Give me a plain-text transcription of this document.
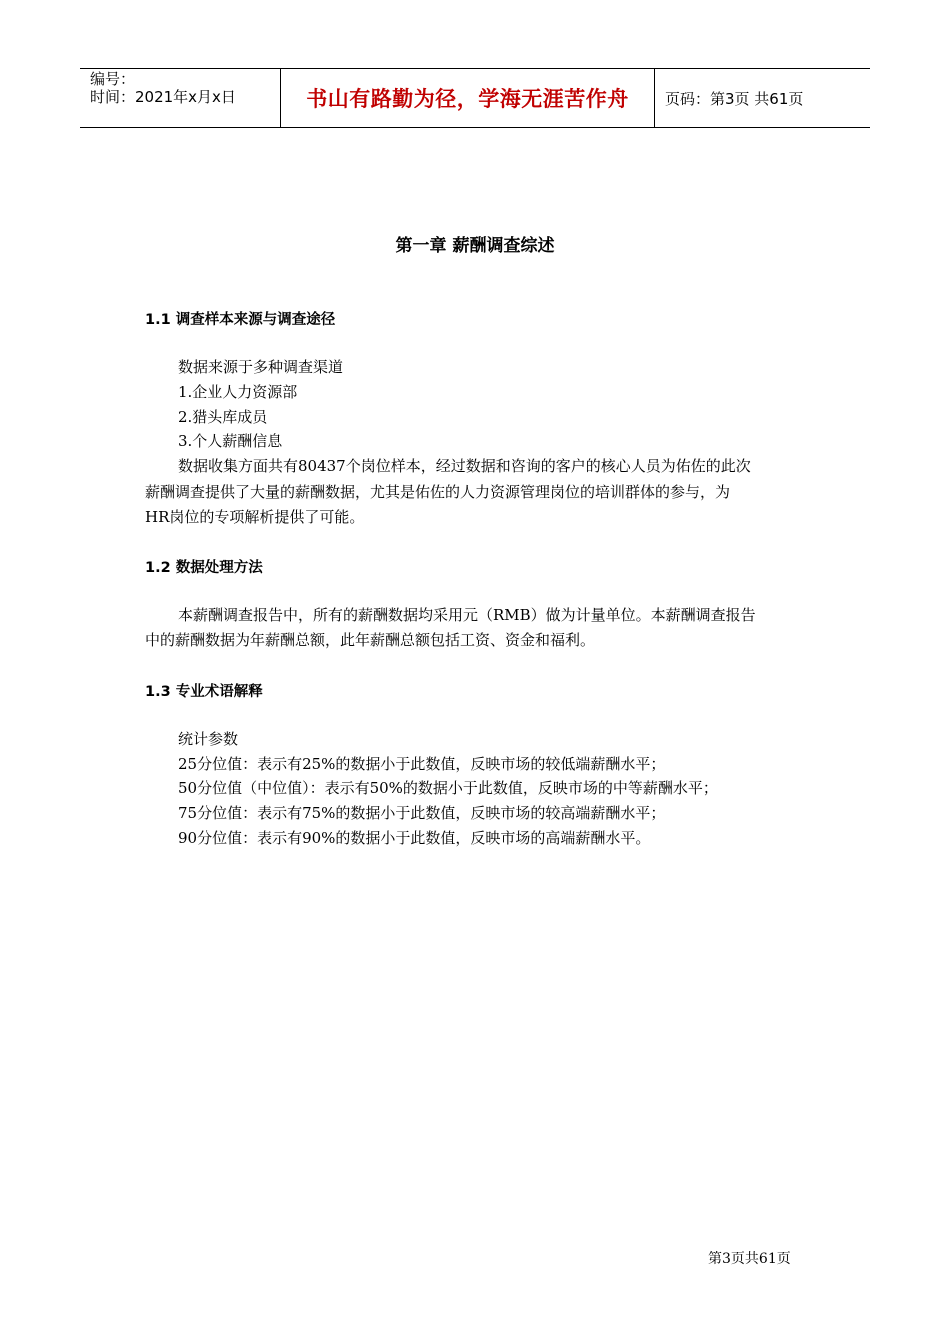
编号：
时间：2021年x月x日	书山有路勤为径，学海无涯苦作舟	页码：第3页 共61页
第一章 薪酬调查综述
1.1 调查样本来源与调查途径
数据来源于多种调查渠道
1.企业人力资源部
2.猎头库成员
3.个人薪酬信息
数据收集方面共有80437个岗位样本，经过数据和咨询的客户的核心人员为佑佐的此次
薪酬调查提供了大量的薪酬数据，尤其是佑佐的人力资源管理岗位的培训群体的参与，为
HR岗位的专项解析提供了可能。
1.2 数据处理方法
本薪酬调查报告中，所有的薪酬数据均采用元（RMB）做为计量单位。本薪酬调查报告
中的薪酬数据为年薪酬总额，此年薪酬总额包括工资、资金和福利。
1.3 专业术语解释
统计参数
25分位值：表示有25%的数据小于此数值，反映市场的较低端薪酬水平；
50分位值（中位值）：表示有50%的数据小于此数值，反映市场的中等薪酬水平；
75分位值：表示有75%的数据小于此数值，反映市场的较高端薪酬水平；
90分位值：表示有90%的数据小于此数值，反映市场的高端薪酬水平。
第3页共61页
